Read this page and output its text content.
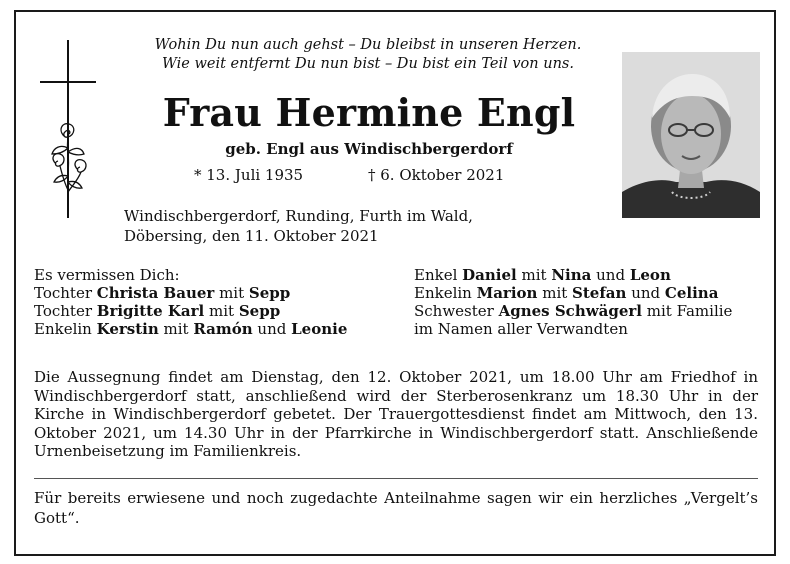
Wohin Du nun auch gehst – Du bleibst in unseren Herzen.
Wie weit entfernt Du nun bist – Du bist ein Teil von uns.
Frau Hermine Engl
geb. Engl aus Windischbergerdorf
* 13. Juli 1935	† 6. Oktober 2021
Windischbergerdorf, Runding, Furth im Wald,
Döbersing, den 11. Oktober 2021
Es vermissen Dich:
Tochter Christa Bauer mit Sepp
Tochter Brigitte Karl mit Sepp
Enkelin Kerstin mit Ramón und Leonie
Enkel Daniel mit Nina und Leon
Enkelin Marion mit Stefan und Celina
Schwester Agnes Schwägerl mit Familie
im Namen aller Verwandten
Die Aussegnung findet am Dienstag, den 12. Oktober 2021, um 18.00 Uhr am Friedhof in Windischbergerdorf statt, anschließend wird der Sterberosenkranz um 18.30 Uhr in der Kirche in Windischbergerdorf gebetet. Der Trauergottesdienst findet am Mittwoch, den 13. Oktober 2021, um 14.30 Uhr in der Pfarrkirche in Windischbergerdorf statt. Anschließende Urnenbeisetzung im Familienkreis.
Für bereits erwiesene und noch zugedachte Anteilnahme sagen wir ein herzliches „Vergelt’s Gott“.
